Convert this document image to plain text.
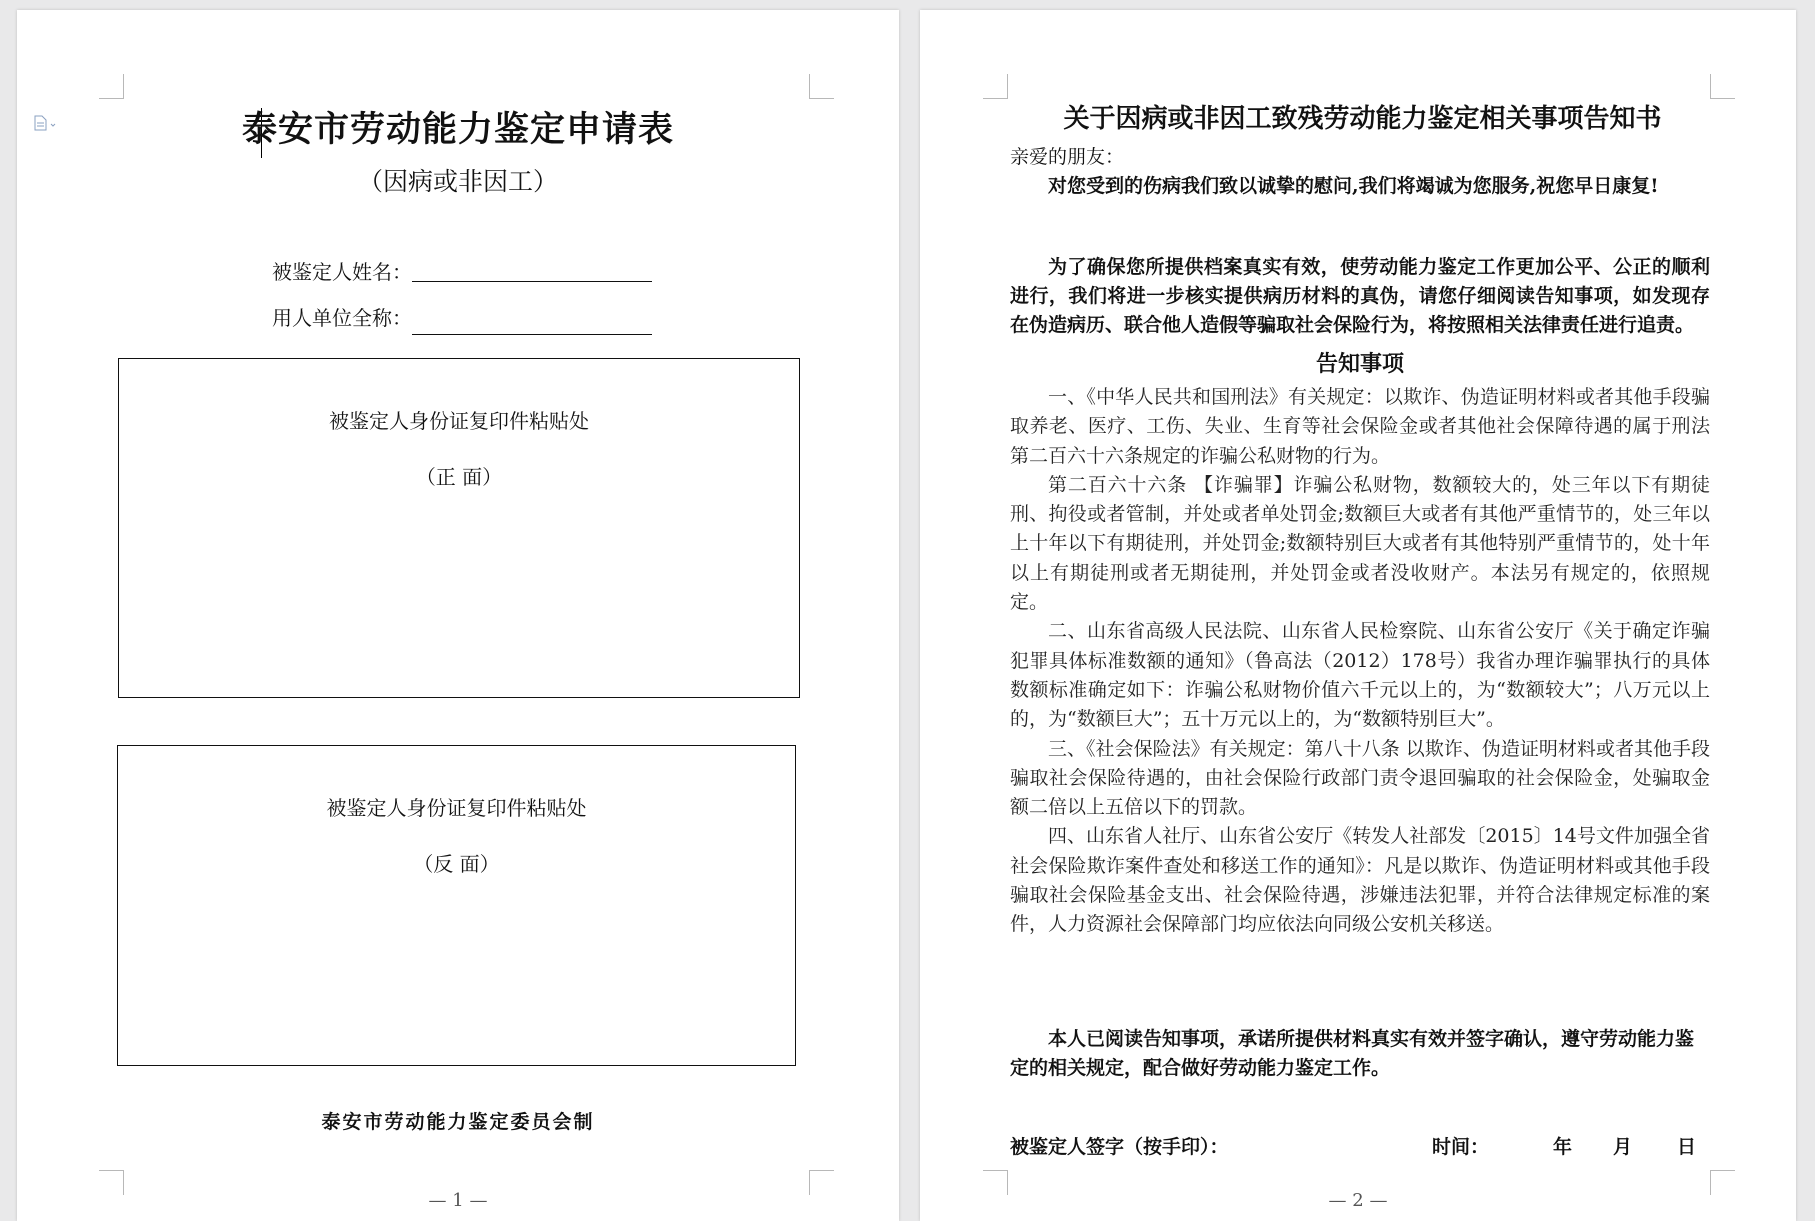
泰安市劳动能力鉴定申请表
（因病或非因工）
被鉴定人姓名：
用人单位全称：
被鉴定人身份证复印件粘贴处
（正 面）
被鉴定人身份证复印件粘贴处
（反 面）
泰安市劳动能力鉴定委员会制
— 1 —
关于因病或非因工致残劳动能力鉴定相关事项告知书
亲爱的朋友：
对您受到的伤病我们致以诚挚的慰问,我们将竭诚为您服务,祝您早日康复!
为了确保您所提供档案真实有效，使劳动能力鉴定工作更加公平、公正的顺利进行，我们将进一步核实提供病历材料的真伪，请您仔细阅读告知事项，如发现存在伪造病历、联合他人造假等骗取社会保险行为，将按照相关法律责任进行追责。
告知事项

一、《中华人民共和国刑法》有关规定：以欺诈、伪造证明材料或者其他手段骗取养老、医疗、工伤、失业、生育等社会保险金或者其他社会保障待遇的属于刑法第二百六十六条规定的诈骗公私财物的行为。

第二百六十六条 【诈骗罪】诈骗公私财物，数额较大的，处三年以下有期徒刑、拘役或者管制，并处或者单处罚金;数额巨大或者有其他严重情节的，处三年以上十年以下有期徒刑，并处罚金;数额特别巨大或者有其他特别严重情节的，处十年以上有期徒刑或者无期徒刑，并处罚金或者没收财产。本法另有规定的，依照规定。

二、山东省高级人民法院、山东省人民检察院、山东省公安厅《关于确定诈骗犯罪具体标准数额的通知》（鲁高法（2012）178号）我省办理诈骗罪执行的具体数额标准确定如下：诈骗公私财物价值六千元以上的，为“数额较大”；八万元以上的，为“数额巨大”；五十万元以上的，为“数额特别巨大”。

三、《社会保险法》有关规定：第八十八条 以欺诈、伪造证明材料或者其他手段骗取社会保险待遇的，由社会保险行政部门责令退回骗取的社会保险金，处骗取金额二倍以上五倍以下的罚款。

四、山东省人社厅、山东省公安厅《转发人社部发〔2015〕14号文件加强全省社会保险欺诈案件查处和移送工作的通知》：凡是以欺诈、伪造证明材料或其他手段骗取社会保险基金支出、社会保险待遇，涉嫌违法犯罪，并符合法律规定标准的案件，人力资源社会保障部门均应依法向同级公安机关移送。

本人已阅读告知事项，承诺所提供材料真实有效并签字确认，遵守劳动能力鉴定的相关规定，配合做好劳动能力鉴定工作。
被鉴定人签字（按手印）：	时间：	年 月 日
— 2 —
